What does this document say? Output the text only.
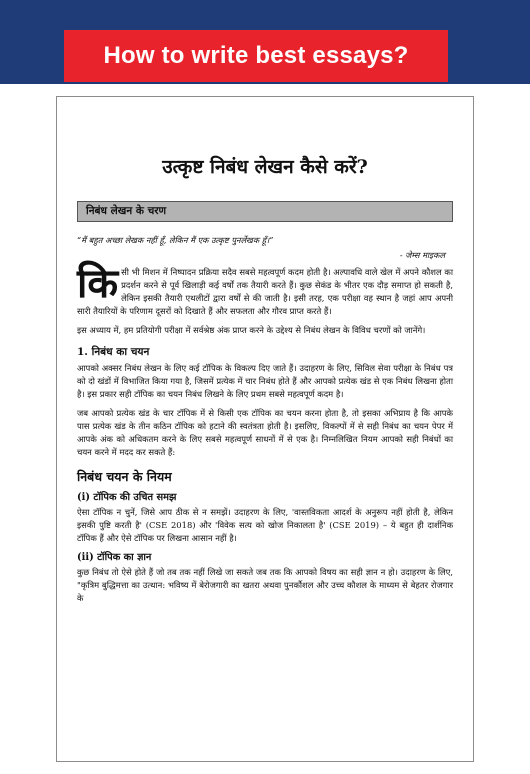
How to write best essays?
उत्कृष्ट निबंध लेखन कैसे करें?
निबंध लेखन के चरण
“मैं बहुत अच्छा लेखक नहीं हूँ, लेकिन मैं एक उत्कृष्ट पुनर्लेखक हूँ।”
- जेम्स माइकल

किसी भी मिशन में निष्पादन प्रक्रिया सदैव सबसे महत्वपूर्ण कदम होती है। अल्पावधि वाले खेल में अपने कौशल का प्रदर्शन करने से पूर्व खिलाड़ी कई वर्षों तक तैयारी करते हैं। कुछ सेकंड के भीतर एक दौड़ समाप्त हो सकती है, लेकिन इसकी तैयारी एथलीटों द्वारा वर्षों से की जाती है। इसी तरह, एक परीक्षा वह स्थान है जहां आप अपनी सारी तैयारियों के परिणाम दूसरों को दिखाते हैं और सफलता और गौरव प्राप्त करते हैं।

इस अध्याय में, हम प्रतियोगी परीक्षा में सर्वश्रेष्ठ अंक प्राप्त करने के उद्देश्य से निबंध लेखन के विविध चरणों को जानेंगे।

1. निबंध का चयन

आपको अक्सर निबंध लेखन के लिए कई टॉपिक के विकल्प दिए जाते हैं। उदाहरण के लिए, सिविल सेवा परीक्षा के निबंध पत्र को दो खंडों में विभाजित किया गया है, जिसमें प्रत्येक में चार निबंध होते हैं और आपको प्रत्येक खंड से एक निबंध लिखना होता है। इस प्रकार सही टॉपिक का चयन निबंध लिखने के लिए प्रथम सबसे महत्वपूर्ण कदम है।

जब आपको प्रत्येक खंड के चार टॉपिक में से किसी एक टॉपिक का चयन करना होता है, तो इसका अभिप्राय है कि आपके पास प्रत्येक खंड के तीन कठिन टॉपिक को हटाने की स्वतंत्रता होती है। इसलिए, विकल्पों में से सही निबंध का चयन पेपर में आपके अंक को अधिकतम करने के लिए सबसे महत्वपूर्ण साधनों में से एक है। निम्नलिखित नियम आपको सही निबंधों का चयन करने में मदद कर सकते हैं:

निबंध चयन के नियम
(i) टॉपिक की उचित समझ

ऐसा टॉपिक न चुनें, जिसे आप ठीक से न समझें। उदाहरण के लिए, 'वास्तविकता आदर्श के अनुरूप नहीं होती है, लेकिन इसकी पुष्टि करती है' (CSE 2018) और 'विवेक सत्य को खोज निकालता है' (CSE 2019) – ये बहुत ही दार्शनिक टॉपिक हैं और ऐसे टॉपिक पर लिखना आसान नहीं है।

(ii) टॉपिक का ज्ञान

कुछ निबंध तो ऐसे होते हैं जो तब तक नहीं लिखे जा सकते जब तक कि आपको विषय का सही ज्ञान न हो। उदाहरण के लिए, "कृत्रिम बुद्धिमत्ता का उत्थान: भविष्य में बेरोजगारी का खतरा अथवा पुनर्कौशल और उच्च कौशल के माध्यम से बेहतर रोजगार के
